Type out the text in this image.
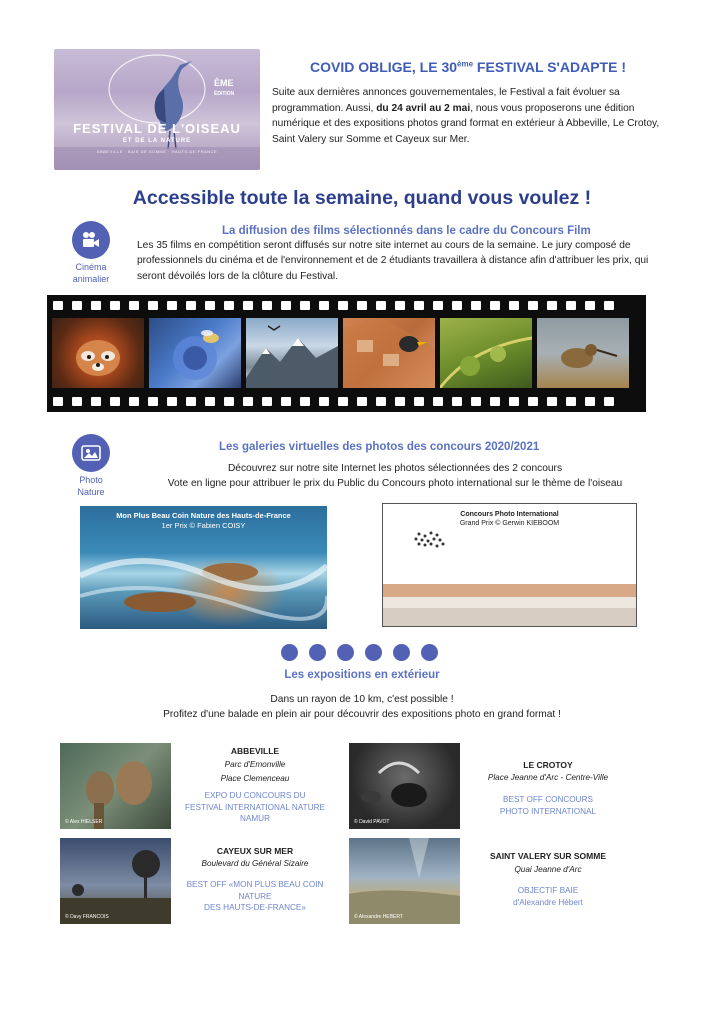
ÈME
ÉDITION
FESTIVAL DE L'OISEAU
ET DE LA NATURE
ABBEVILLE · BAIE DE SOMME · HAUTS-DE-FRANCE
COVID OBLIGE, LE 30ème FESTIVAL S'ADAPTE !
Suite aux dernières annonces gouvernementales, le Festival a fait évoluer sa programmation. Aussi, du 24 avril au 2 mai, nous vous proposerons une édition numérique et des expositions photos grand format en extérieur à Abbeville, Le Crotoy, Saint Valery sur Somme et Cayeux sur Mer.
Accessible toute la semaine, quand vous voulez !
Cinéma
animalier
La diffusion des films sélectionnés dans le cadre du Concours Film
Les 35 films en compétition seront diffusés sur notre site internet au cours de la semaine. Le jury composé de professionnels du cinéma et de l'environnement et de 2 étudiants travaillera à distance afin d'attribuer les prix, qui seront dévoilés lors de la clôture du Festival.
Photo
Nature
Les galeries virtuelles des photos des concours 2020/2021
Découvrez sur notre site Internet les photos sélectionnées des 2 concours
Vote en ligne pour attribuer le prix du Public du Concours photo international sur le thème de l'oiseau
Mon Plus Beau Coin Nature des Hauts-de-France
1er Prix © Fabien COISY
Concours Photo International
Grand Prix © Gerwin KIEBOOM
Les expositions en extérieur
Dans un rayon de 10 km, c'est possible !
Profitez d'une balade en plein air pour découvrir des expositions photo en grand format !
© Alex HIELSER
ABBEVILLE
Parc d'Emonville
Place Clemenceau
EXPO DU CONCOURS DU
FESTIVAL INTERNATIONAL NATURE
NAMUR	© David PAVOT
LE CROTOY
Place Jeanne d'Arc - Centre-Ville
BEST OFF CONCOURS
PHOTO INTERNATIONAL
© Davy FRANCOIS
CAYEUX SUR MER
Boulevard du Général Sizaire
BEST OFF «MON PLUS BEAU COIN
NATURE
DES HAUTS-DE-FRANCE»
© Alexandre HEBERT
SAINT VALERY SUR SOMME
Quai Jeanne d'Arc
OBJECTIF BAIE
d'Alexandre Hébert
